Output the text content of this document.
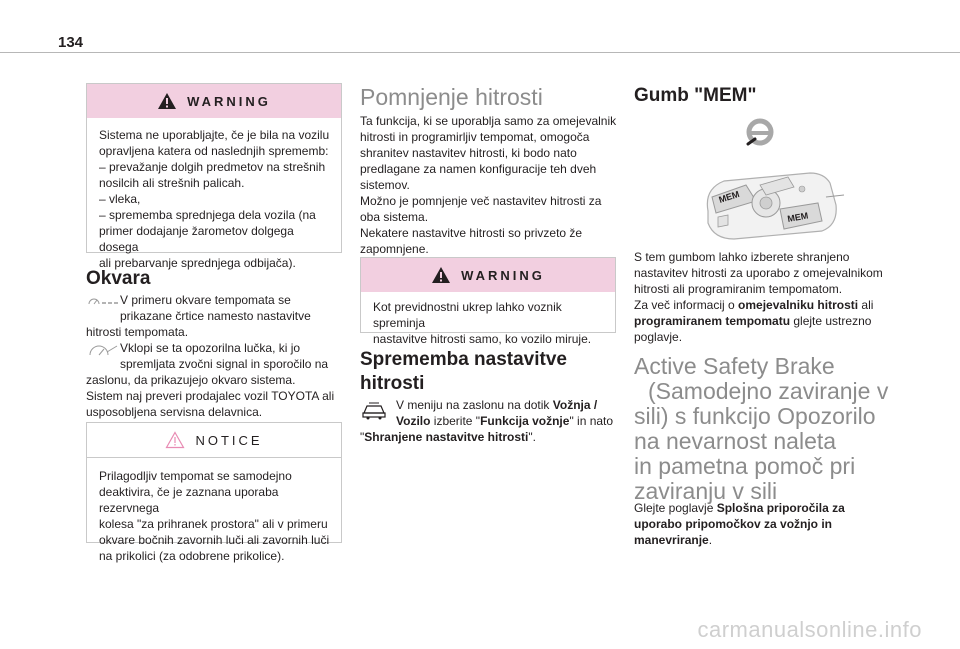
134
WARNING

Sistema ne uporabljajte, če je bila na vozilu

opravljena katera od naslednjih sprememb:

– prevažanje dolgih predmetov na strešnih

nosilcih ali strešnih palicah.

– vleka,

– sprememba sprednjega dela vozila (na

primer dodajanje žarometov dolgega dosega

ali prebarvanje sprednjega odbijača).

Okvara

V primeru okvare tempomata se

prikazane črtice namesto nastavitve

hitrosti tempomata.

Vklopi se ta opozorilna lučka, ki jo

spremljata zvočni signal in sporočilo na

zaslonu, da prikazujejo okvaro sistema.

Sistem naj preveri prodajalec vozil TOYOTA ali

usposobljena servisna delavnica.

NOTICE

Prilagodljiv tempomat se samodejno

deaktivira, če je zaznana uporaba rezervnega

kolesa "za prihranek prostora" ali v primeru

okvare bočnih zavornih luči ali zavornih luči

na prikolici (za odobrene prikolice).

Pomnjenje hitrosti

Ta funkcija, ki se uporablja samo za omejevalnik

hitrosti in programirljiv tempomat, omogoča

shranitev nastavitev hitrosti, ki bodo nato

predlagane za namen konfiguracije teh dveh

sistemov.

Možno je pomnjenje več nastavitev hitrosti za

oba sistema.

Nekatere nastavitve hitrosti so privzeto že

zapomnjene.

WARNING

Kot previdnostni ukrep lahko voznik spreminja

nastavitve hitrosti samo, ko vozilo miruje.

Sprememba nastavitve
hitrosti

V meniju na zaslonu na dotik Vožnja /

Vozilo izberite "Funkcija vožnje" in nato

"Shranjene nastavitve hitrosti".

Gumb "MEM"
MEM
MEM

S tem gumbom lahko izberete shranjeno

nastavitev hitrosti za uporabo z omejevalnikom

hitrosti ali programiranim tempomatom.

Za več informacij o omejevalniku hitrosti ali

programiranem tempomatu glejte ustrezno

poglavje.

Active Safety Brake
(Samodejno zaviranje v
sili) s funkcijo Opozorilo
na nevarnost naleta
in pametna pomoč pri
zaviranju v sili

Glejte poglavje Splošna priporočila za

uporabo pripomočkov za vožnjo in

manevriranje.

carmanualsonline.info
